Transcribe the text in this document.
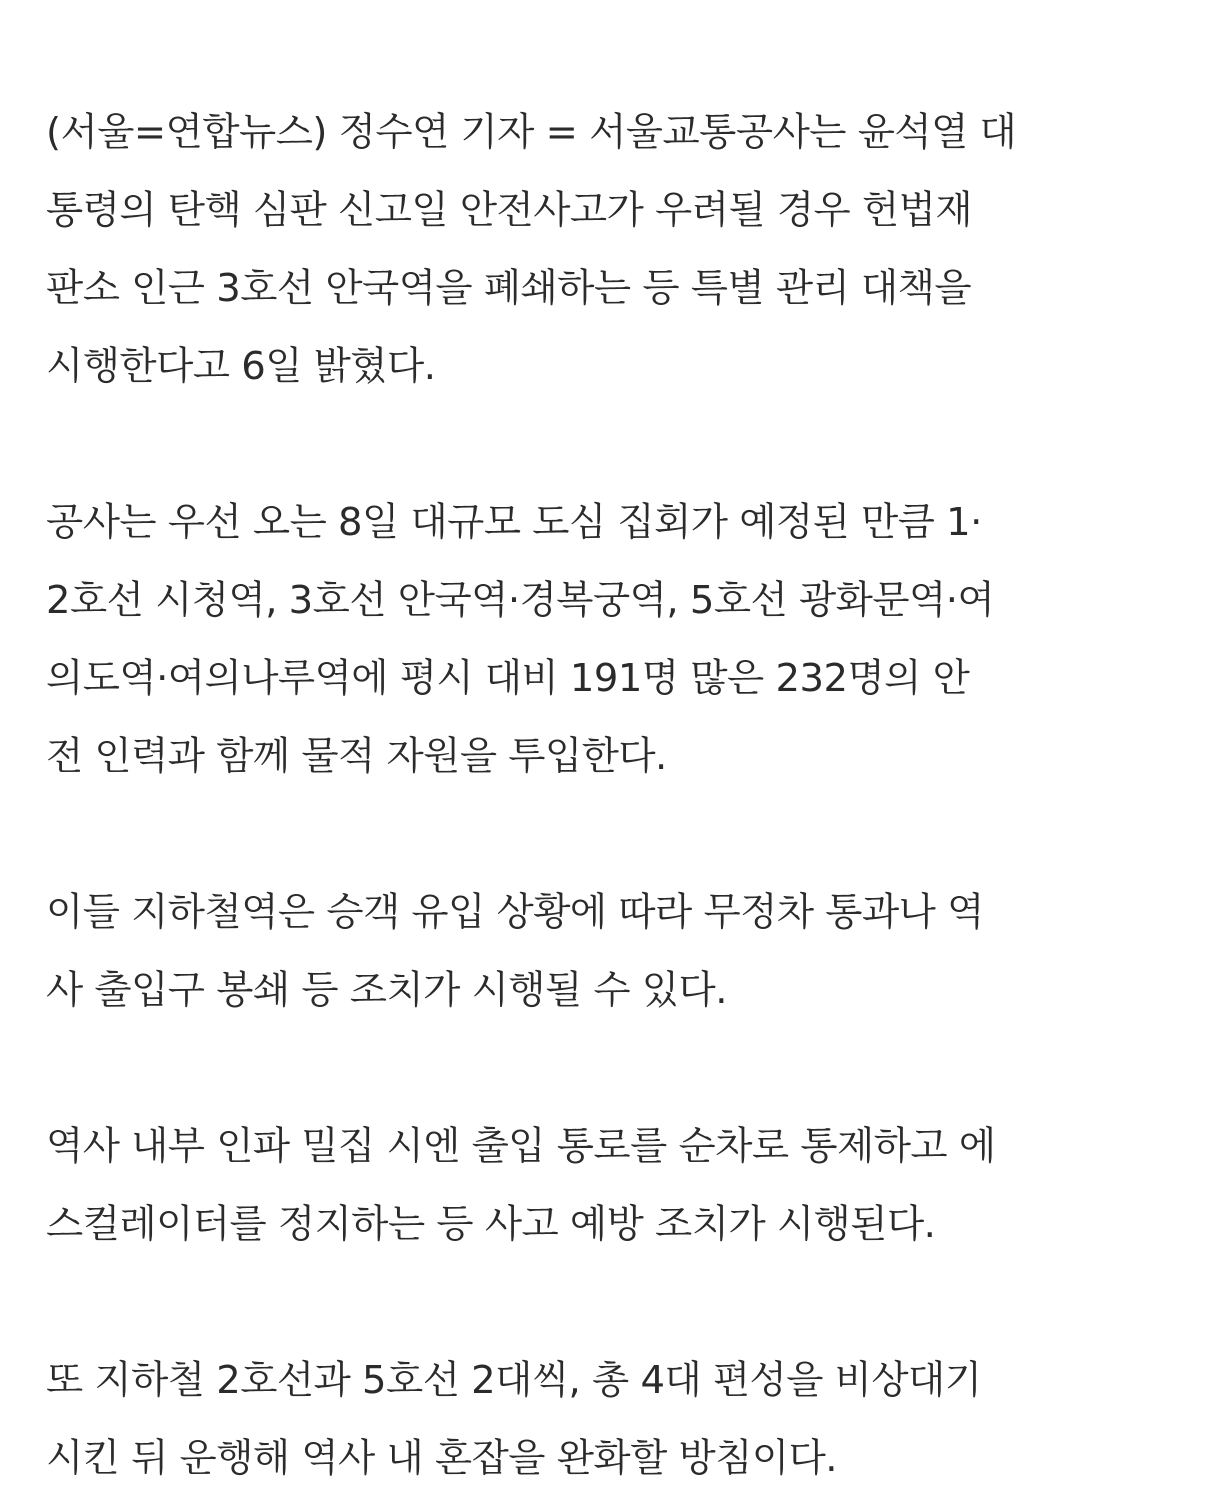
(서울=연합뉴스) 정수연 기자 = 서울교통공사는 윤석열 대
통령의 탄핵 심판 신고일 안전사고가 우려될 경우 헌법재
판소 인근 3호선 안국역을 폐쇄하는 등 특별 관리 대책을
시행한다고 6일 밝혔다.

공사는 우선 오는 8일 대규모 도심 집회가 예정된 만큼 1·
2호선 시청역, 3호선 안국역·경복궁역, 5호선 광화문역·여
의도역·여의나루역에 평시 대비 191명 많은 232명의 안
전 인력과 함께 물적 자원을 투입한다.

이들 지하철역은 승객 유입 상황에 따라 무정차 통과나 역
사 출입구 봉쇄 등 조치가 시행될 수 있다.

역사 내부 인파 밀집 시엔 출입 통로를 순차로 통제하고 에
스컬레이터를 정지하는 등 사고 예방 조치가 시행된다.

또 지하철 2호선과 5호선 2대씩, 총 4대 편성을 비상대기
시킨 뒤 운행해 역사 내 혼잡을 완화할 방침이다.
